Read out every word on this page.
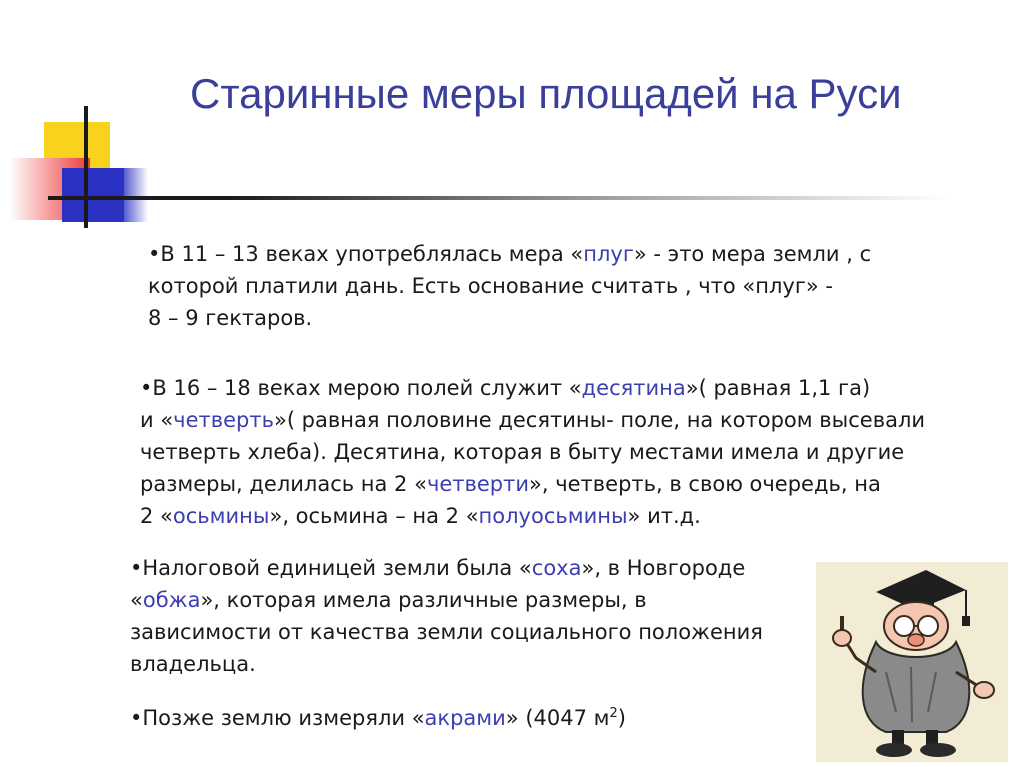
Старинные меры площадей на Руси
•В 11 – 13 веках употреблялась мера «плуг» - это мера земли , с
которой платили дань. Есть основание считать , что «плуг» -
8 – 9 гектаров.
•В 16 – 18 веках мерою полей служит «десятина»( равная 1,1 га)
и «четверть»( равная половине десятины- поле, на котором высевали
четверть хлеба). Десятина, которая в быту местами имела и другие
размеры, делилась на 2 «четверти», четверть, в свою очередь, на
2 «осьмины», осьмина – на 2 «полуосьмины» ит.д.
•Налоговой единицей земли была «соха», в Новгороде
«обжа», которая имела различные размеры, в
зависимости от качества земли социального положения
владельца.
•Позже землю измеряли «акрами» (4047 $м^2$)
